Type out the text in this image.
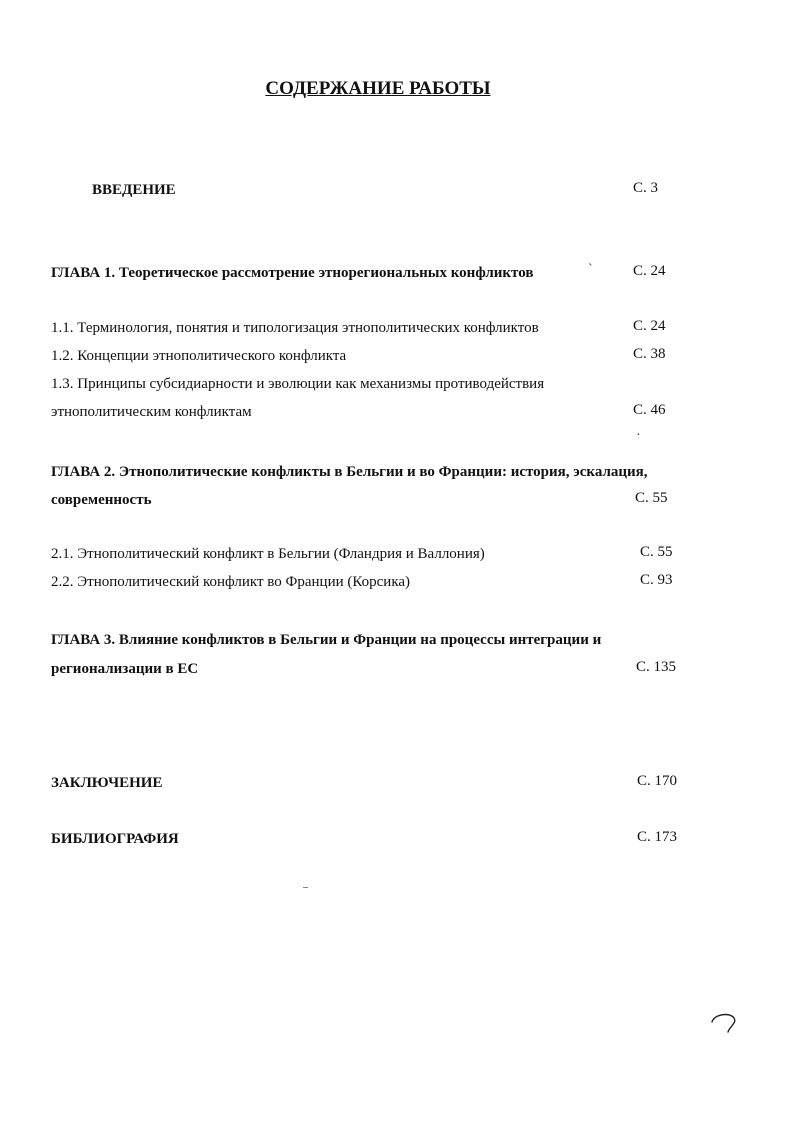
СОДЕРЖАНИЕ РАБОТЫ
ВВЕДЕНИЕ	С. 3
ГЛАВА 1. Теоретическое рассмотрение этнорегиональных конфликтов	`	С. 24
1.1. Терминология, понятия и типологизация этнополитических конфликтов	С. 24
1.2. Концепции этнополитического конфликта	С. 38
1.3. Принципы субсидиарности и эволюции как механизмы противодействия
этнополитическим конфликтам	С. 46
·
ГЛАВА 2. Этнополитические конфликты в Бельгии и во Франции: история, эскалация,
современность	С. 55
2.1. Этнополитический конфликт в Бельгии (Фландрия и Валлония)	С. 55
2.2. Этнополитический конфликт во Франции (Корсика)	С. 93
ГЛАВА 3. Влияние конфликтов в Бельгии и Франции на процессы интеграции и
регионализации в ЕС	С. 135
ЗАКЛЮЧЕНИЕ	С. 170
БИБЛИОГРАФИЯ	С. 173
